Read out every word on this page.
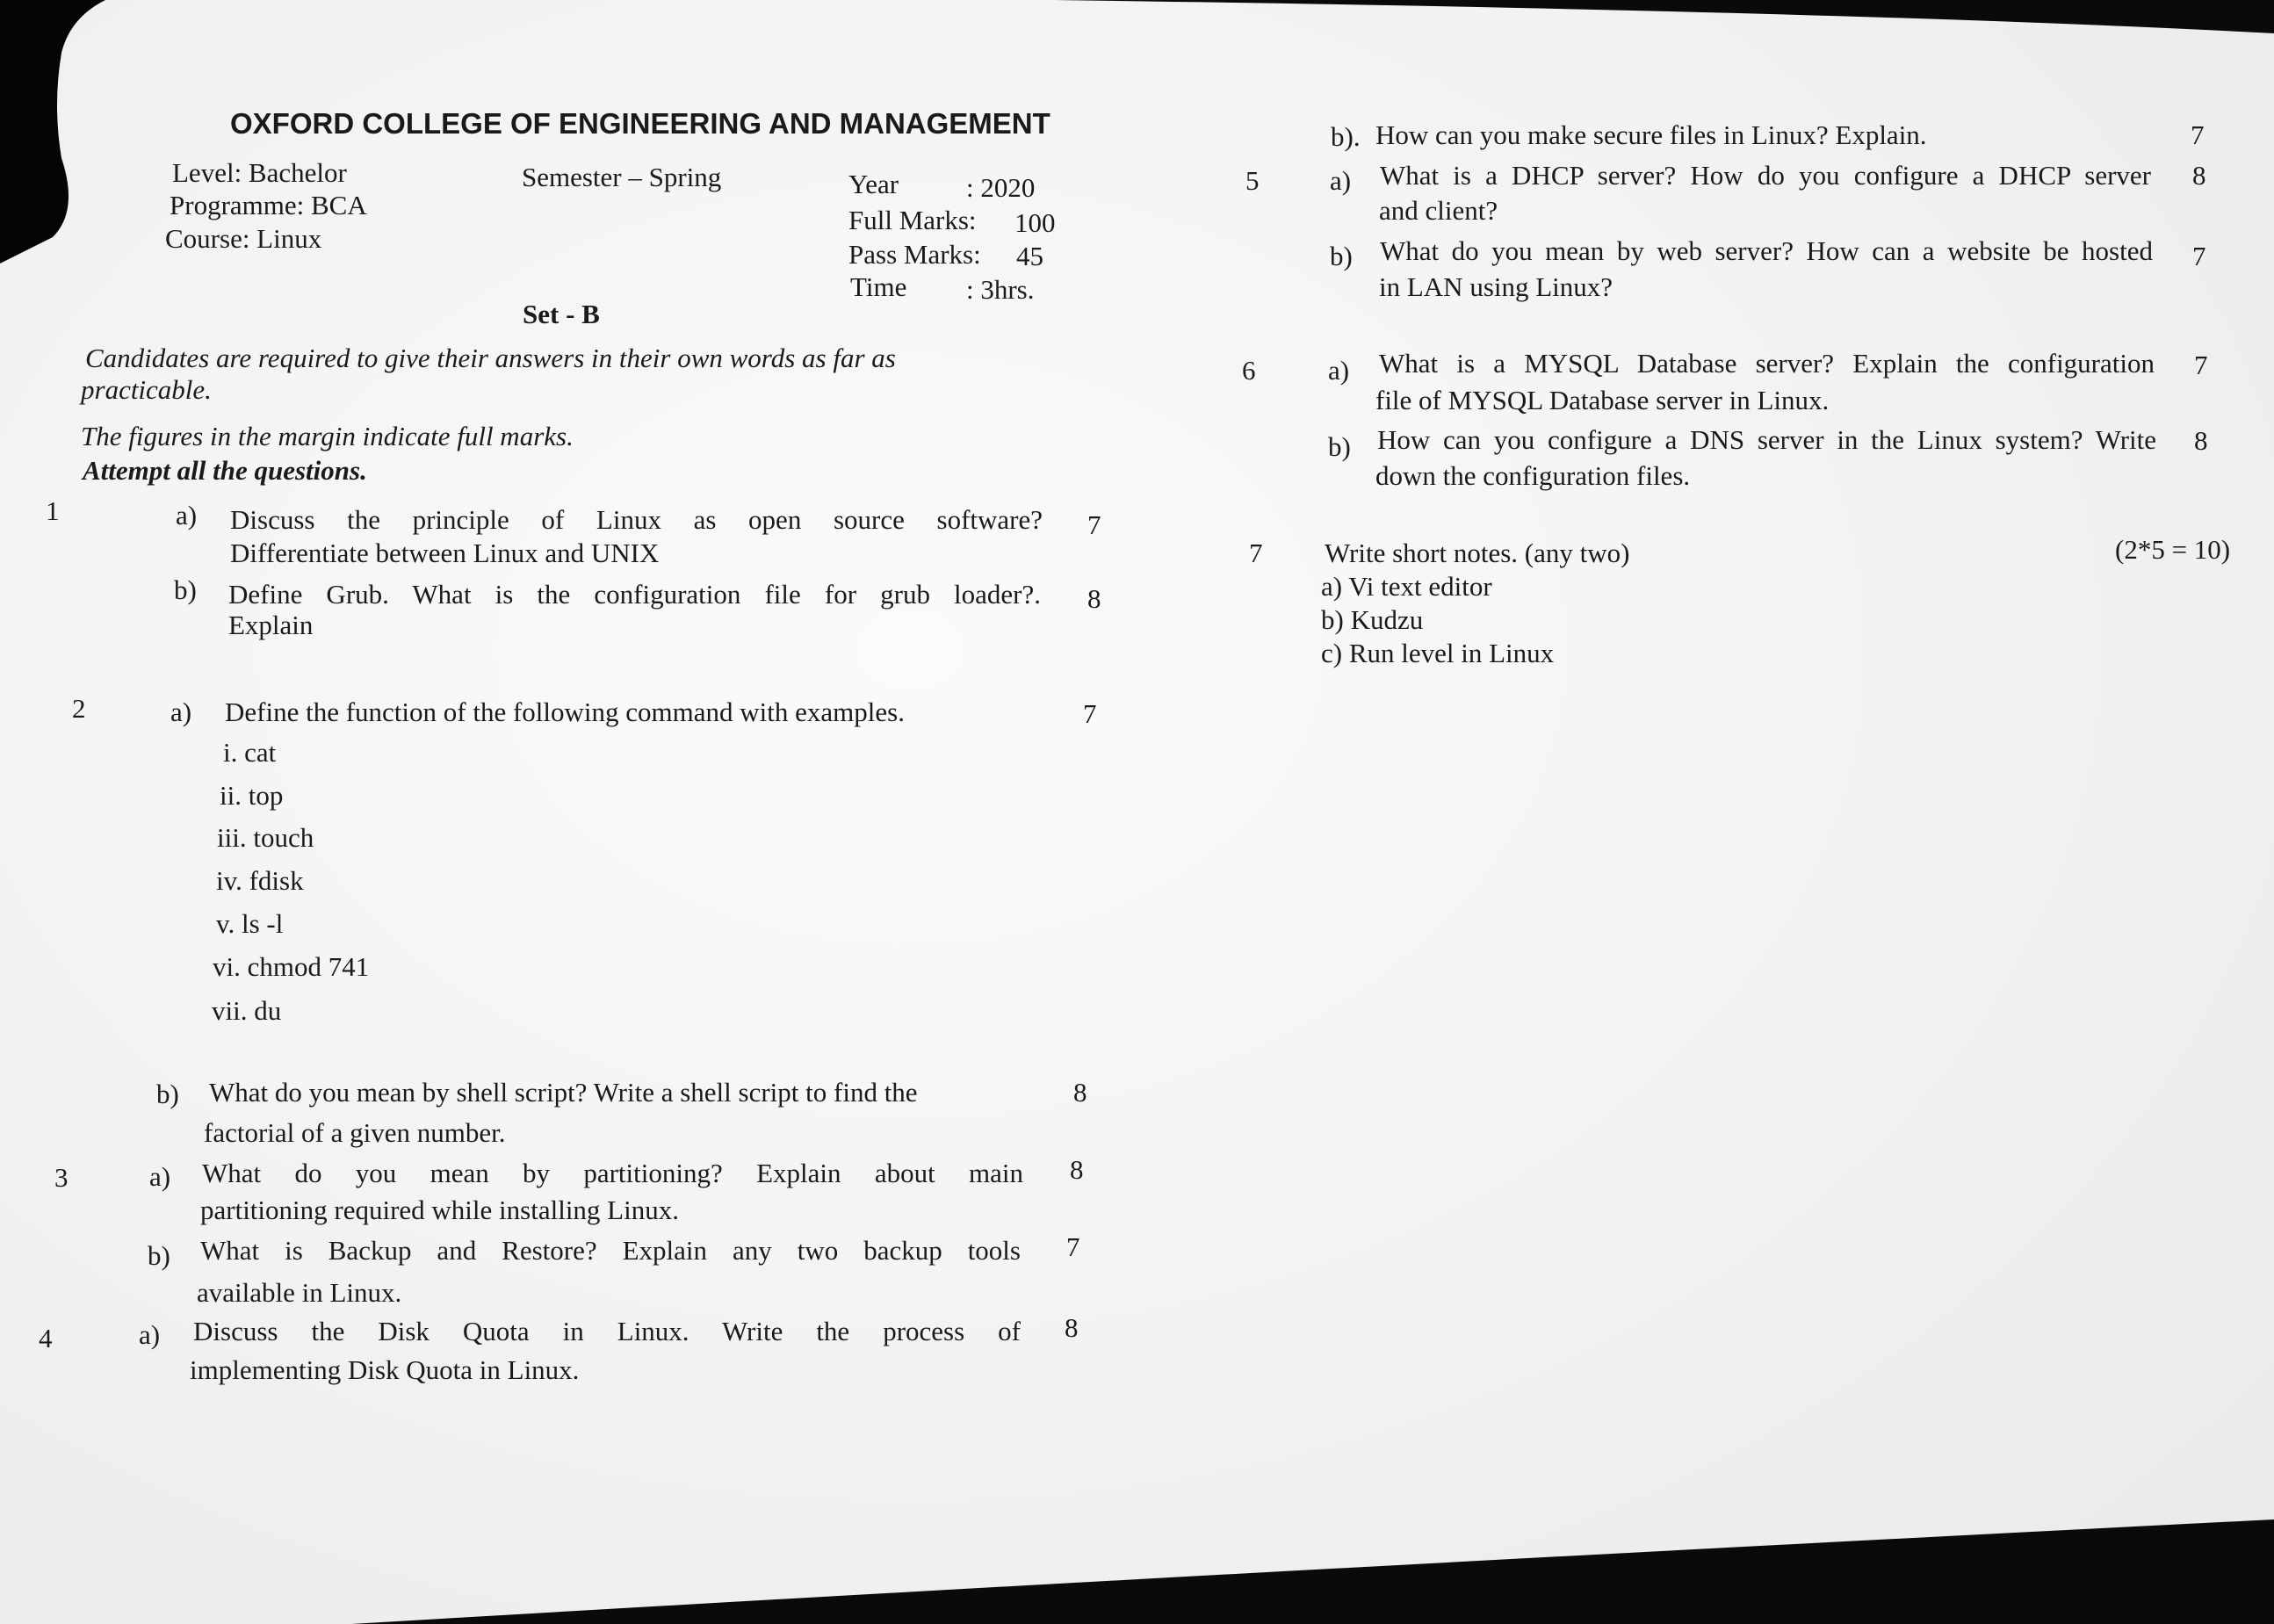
OXFORD COLLEGE OF ENGINEERING AND MANAGEMENT
Level: Bachelor
Programme: BCA
Course: Linux
Semester – Spring	Year : 2020
Full Marks: 100
Pass Marks: 45
Time : 3hrs.
Set - B
Candidates are required to give their answers in their own words as far as
practicable.
The figures in the margin indicate full marks.
Attempt all the questions.
1	a) Discuss the principle of Linux as open source software?
Differentiate between Linux and UNIX
7
b) Define Grub. What is the configuration file for grub loader?.
Explain
8
2	a) Define the function of the following command with examples.	7
i. cat
ii. top
iii. touch
iv. fdisk
v. ls -l
vi. chmod 741
vii. du
b) What do you mean by shell script? Write a shell script to find the
factorial of a given number.
8
3	a) What do you mean by partitioning? Explain about main
partitioning required while installing Linux.
8
b) What is Backup and Restore? Explain any two backup tools
available in Linux.
7
4	a) Discuss the Disk Quota in Linux. Write the process of
implementing Disk Quota in Linux.
8
b). How can you make secure files in Linux? Explain.	7
5	a) What is a DHCP server? How do you configure a DHCP server
and client?
8
b) What do you mean by web server? How can a website be hosted
in LAN using Linux?
7
6	a) What is a MYSQL Database server? Explain the configuration
file of MYSQL Database server in Linux.
7
b) How can you configure a DNS server in the Linux system? Write
down the configuration files.
8
7 Write short notes. (any two)	(2*5 = 10)
a) Vi text editor
b) Kudzu
c) Run level in Linux
